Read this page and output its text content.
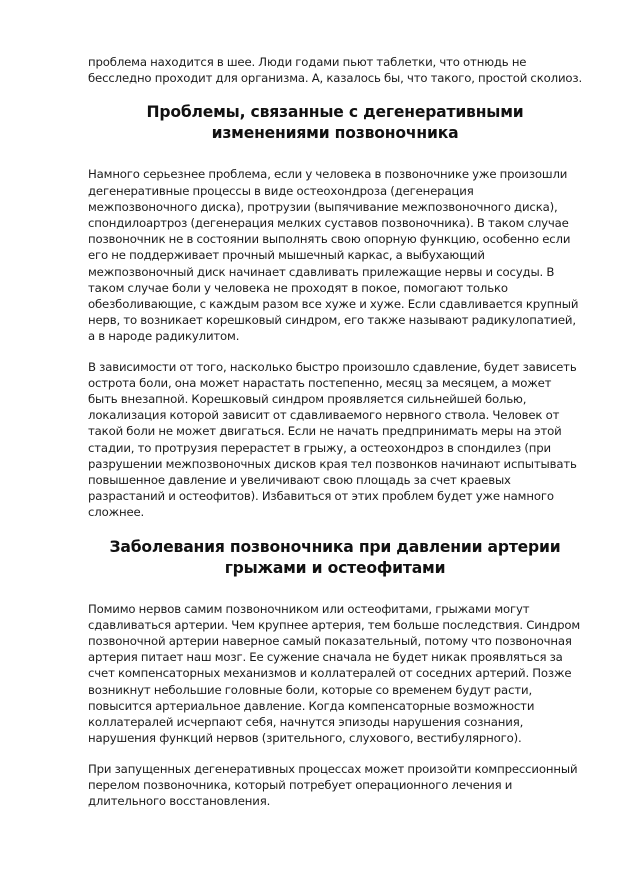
проблема находится в шее. Люди годами пьют таблетки, что отнюдь не бесследно проходит для организма. А, казалось бы, что такого, простой сколиоз.

Проблемы, связанные с дегенеративными изменениями позвоночника

Намного серьезнее проблема, если у человека в позвоночнике уже произошли дегенеративные процессы в виде остеохондроза (дегенерация межпозвоночного диска), протрузии (выпячивание межпозвоночного диска), спондилоартроз (дегенерация мелких суставов позвоночника). В таком случае позвоночник не в состоянии выполнять свою опорную функцию, особенно если его не поддерживает прочный мышечный каркас, а выбухающий межпозвоночный диск начинает сдавливать прилежащие нервы и сосуды. В таком случае боли у человека не проходят в покое, помогают только обезболивающие, с каждым разом все хуже и хуже. Если сдавливается крупный нерв, то возникает корешковый синдром, его также называют радикулопатией, а в народе радикулитом.

В зависимости от того, насколько быстро произошло сдавление, будет зависеть острота боли, она может нарастать постепенно, месяц за месяцем, а может быть внезапной. Корешковый синдром проявляется сильнейшей болью, локализация которой зависит от сдавливаемого нервного ствола. Человек от такой боли не может двигаться. Если не начать предпринимать меры на этой стадии, то протрузия перерастет в грыжу, а остеохондроз в спондилез (при разрушении межпозвоночных дисков края тел позвонков начинают испытывать повышенное давление и увеличивают свою площадь за счет краевых разрастаний и остеофитов). Избавиться от этих проблем будет уже намного сложнее.

Заболевания позвоночника при давлении артерии грыжами и остеофитами

Помимо нервов самим позвоночником или остеофитами, грыжами могут сдавливаться артерии. Чем крупнее артерия, тем больше последствия. Синдром позвоночной артерии наверное самый показательный, потому что позвоночная артерия питает наш мозг. Ее сужение сначала не будет никак проявляться за счет компенсаторных механизмов и коллатералей от соседних артерий. Позже возникнут небольшие головные боли, которые со временем будут расти, повысится артериальное давление. Когда компенсаторные возможности коллатералей исчерпают себя, начнутся эпизоды нарушения сознания, нарушения функций нервов (зрительного, слухового, вестибулярного).

При запущенных дегенеративных процессах может произойти компрессионный перелом позвоночника, который потребует операционного лечения и длительного восстановления.
